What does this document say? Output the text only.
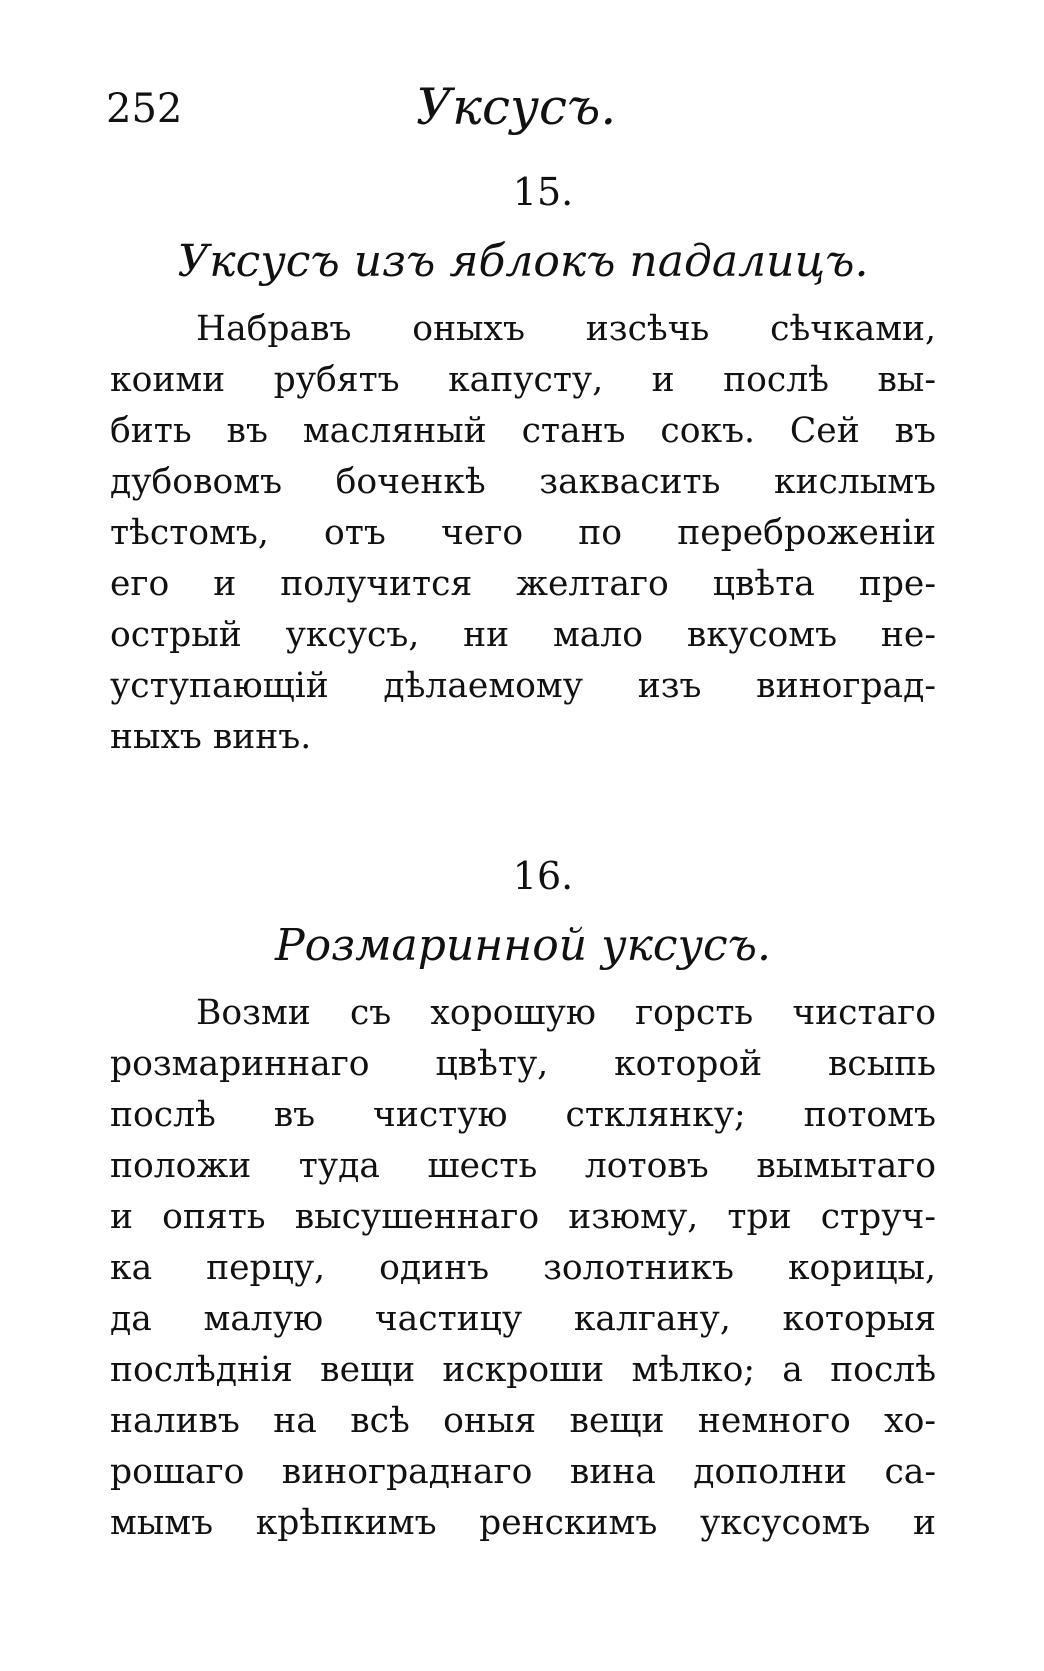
252	Уксусъ.
15.
Уксусъ изъ яблокъ падалицъ.
Набравъ оныхъ изсѣчь сѣчками,
коими рубятъ капусту, и послѣ вы-
бить въ масляный станъ сокъ. Сей въ
дубовомъ боченкѣ заквасить кислымъ
тѣстомъ, отъ чего по переброженіи
его и получится желтаго цвѣта пре-
острый уксусъ, ни мало вкусомъ не-
уступающій дѣлаемому изъ виноград-
ныхъ винъ.
16.
Розмаринной уксусъ.
Возми съ хорошую горсть чистаго
розмариннаго цвѣту, которой всыпь
послѣ въ чистую стклянку; потомъ
положи туда шесть лотовъ вымытаго
и опять высушеннаго изюму, три струч-
ка перцу, одинъ золотникъ корицы,
да малую частицу калгану, которыя
послѣднія вещи искроши мѣлко; а послѣ
наливъ на всѣ оныя вещи немного хо-
рошаго винограднаго вина дополни са-
мымъ крѣпкимъ ренскимъ уксусомъ и
